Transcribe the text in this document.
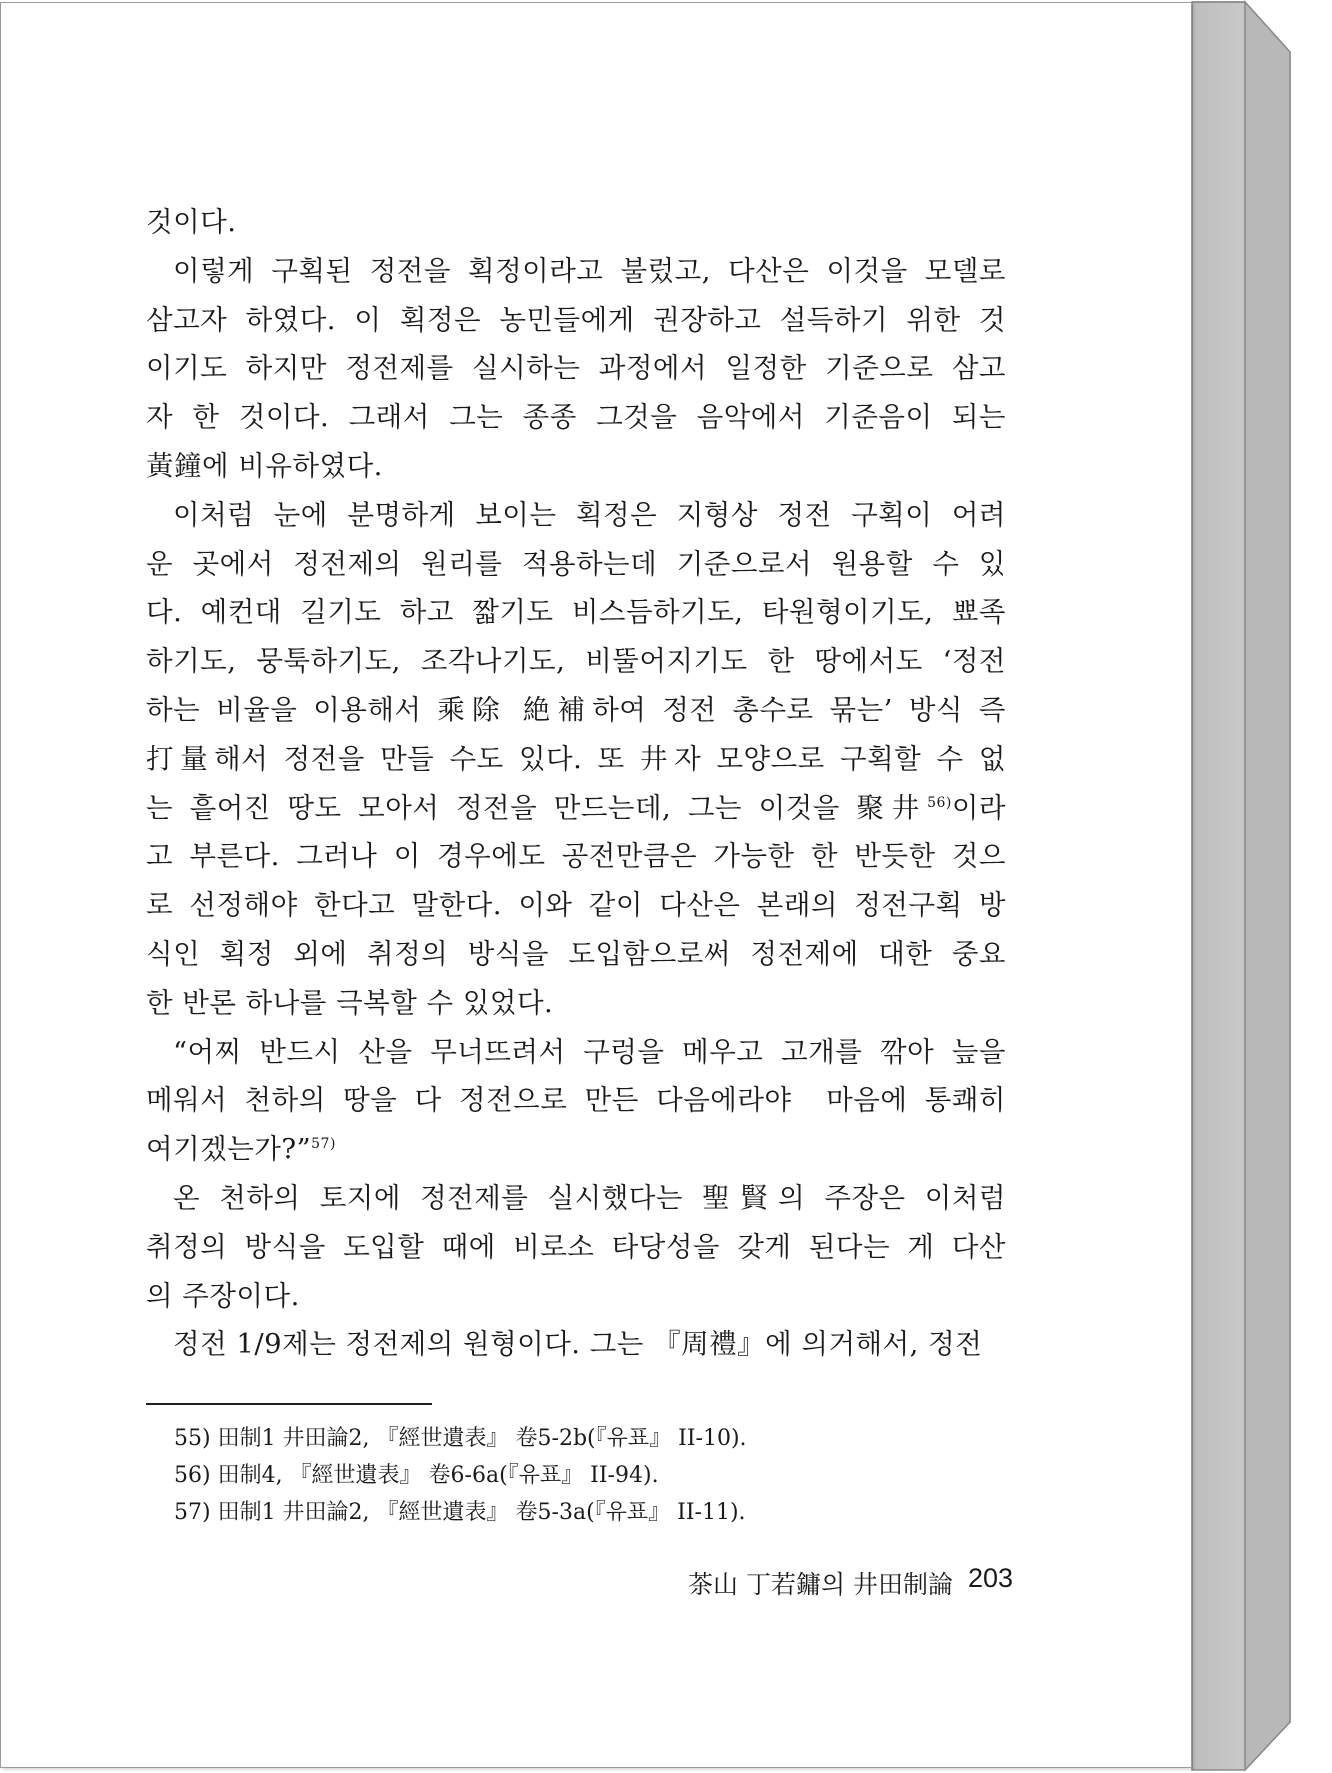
것이다.
이렇게 구획된 정전을 획정이라고 불렀고, 다산은 이것을 모델로
삼고자 하였다. 이 획정은 농민들에게 권장하고 설득하기 위한 것
이기도 하지만 정전제를 실시하는 과정에서 일정한 기준으로 삼고
자 한 것이다. 그래서 그는 종종 그것을 음악에서 기준음이 되는
黃鐘에 비유하였다.
이처럼 눈에 분명하게 보이는 획정은 지형상 정전 구획이 어려
운 곳에서 정전제의 원리를 적용하는데 기준으로서 원용할 수 있
다. 예컨대 길기도 하고 짧기도 비스듬하기도, 타원형이기도, 뾰족
하기도, 뭉툭하기도, 조각나기도, 비뚤어지기도 한 땅에서도 ‘정전
하는 비율을 이용해서 乘除 絶補하여 정전 총수로 묶는’ 방식 즉
打量해서 정전을 만들 수도 있다. 또 井자 모양으로 구획할 수 없
는 흩어진 땅도 모아서 정전을 만드는데, 그는 이것을 聚井$^{56)}$이라
고 부른다. 그러나 이 경우에도 공전만큼은 가능한 한 반듯한 것으
로 선정해야 한다고 말한다. 이와 같이 다산은 본래의 정전구획 방
식인 획정 외에 취정의 방식을 도입함으로써 정전제에 대한 중요
한 반론 하나를 극복할 수 있었다.
“어찌 반드시 산을 무너뜨려서 구렁을 메우고 고개를 깎아 늪을
메워서 천하의 땅을 다 정전으로 만든 다음에라야  마음에 통쾌히
여기겠는가?”$^{57)}$
온 천하의 토지에 정전제를 실시했다는 聖賢의 주장은 이처럼
취정의 방식을 도입할 때에 비로소 타당성을 갖게 된다는 게 다산
의 주장이다.
정전 1/9제는 정전제의 원형이다. 그는 『周禮』에 의거해서, 정전
55) 田制1 井田論2, 『經世遺表』 卷5-2b(『유표』 II-10).
56) 田制4, 『經世遺表』 卷6-6a(『유표』 II-94).
57) 田制1 井田論2, 『經世遺表』 卷5-3a(『유표』 II-11).
茶山 丁若鏞의 井田制論 203
